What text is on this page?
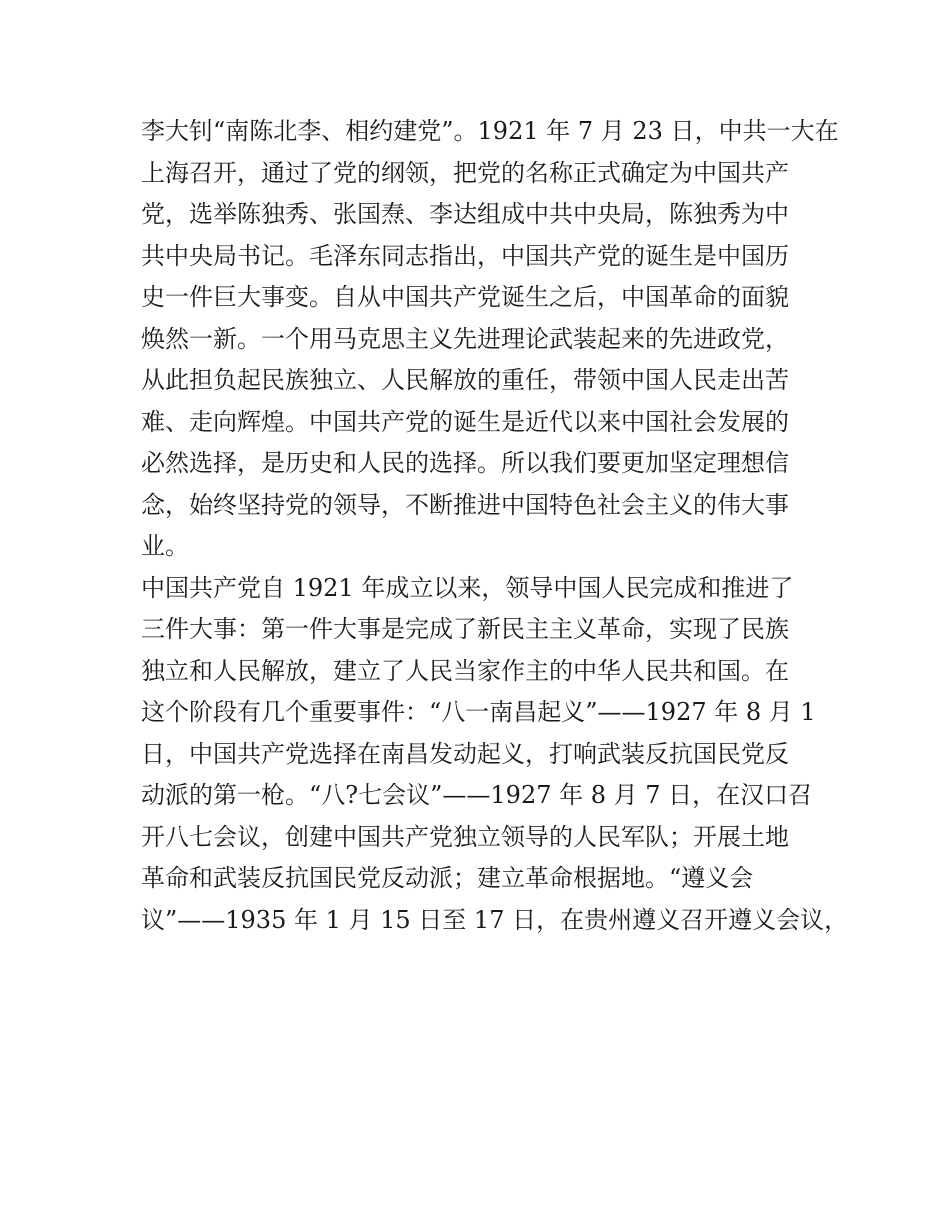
李大钊“南陈北李、相约建党”。1921 年 7 月 23 日，中共一大在
上海召开，通过了党的纲领，把党的名称正式确定为中国共产
党，选举陈独秀、张国焘、李达组成中共中央局，陈独秀为中
共中央局书记。毛泽东同志指出，中国共产党的诞生是中国历
史一件巨大事变。自从中国共产党诞生之后，中国革命的面貌
焕然一新。一个用马克思主义先进理论武装起来的先进政党，
从此担负起民族独立、人民解放的重任，带领中国人民走出苦
难、走向辉煌。中国共产党的诞生是近代以来中国社会发展的
必然选择，是历史和人民的选择。所以我们要更加坚定理想信
念，始终坚持党的领导，不断推进中国特色社会主义的伟大事
业。
中国共产党自 1921 年成立以来，领导中国人民完成和推进了
三件大事：第一件大事是完成了新民主主义革命，实现了民族
独立和人民解放，建立了人民当家作主的中华人民共和国。在
这个阶段有几个重要事件：“八一南昌起义”——1927 年 8 月 1
日，中国共产党选择在南昌发动起义，打响武装反抗国民党反
动派的第一枪。“八?七会议”——1927 年 8 月 7 日，在汉口召
开八七会议，创建中国共产党独立领导的人民军队；开展土地
革命和武装反抗国民党反动派；建立革命根据地。“遵义会
议”——1935 年 1 月 15 日至 17 日，在贵州遵义召开遵义会议，
